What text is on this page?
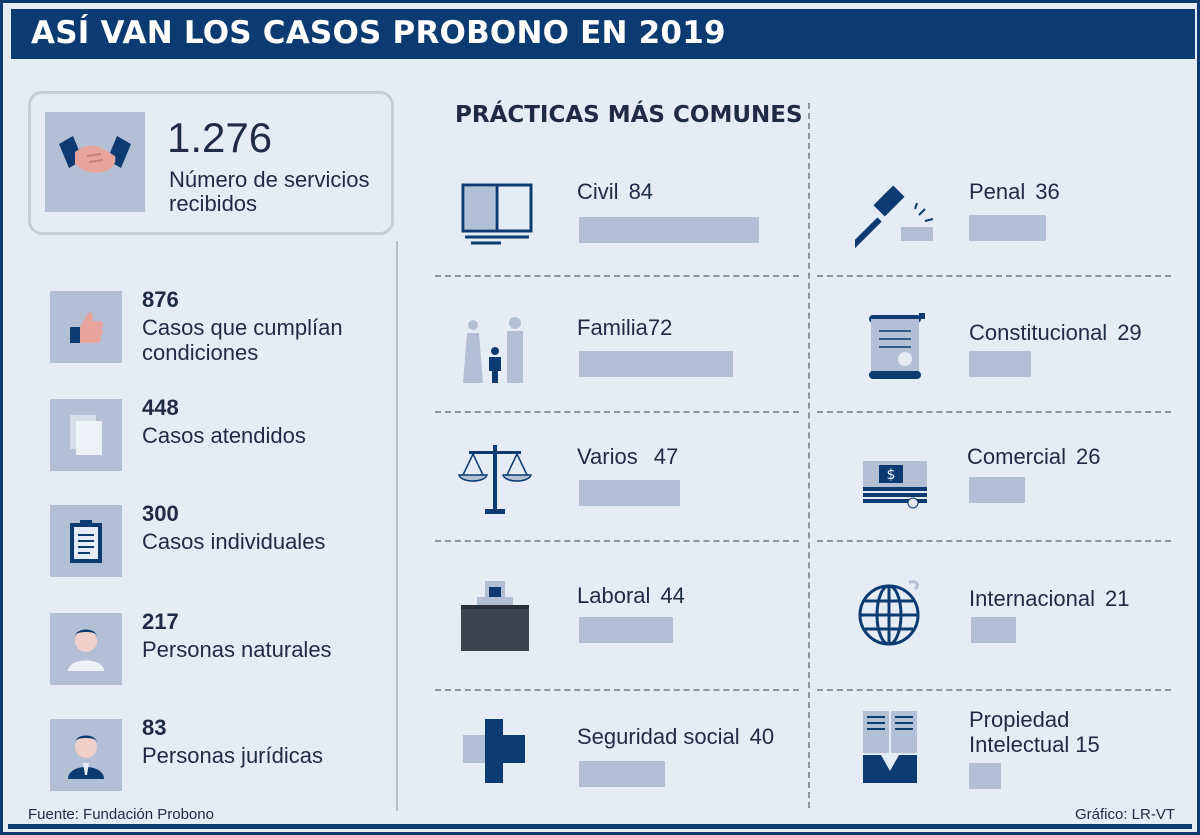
ASÍ VAN LOS CASOS PROBONO EN 2019
1.276
Número de servicios recibidos
876
Casos que cumplían condiciones
448
Casos atendidos
300
Casos individuales
217
Personas naturales
83
Personas jurídicas
PRÁCTICAS MÁS COMUNES
Civil 84
Familia72
Varios 47
Laboral 44
Seguridad social 40
Penal 36
Constitucional 29
$
Comercial 26
Internacional 21
Propiedad Intelectual 15
Fuente: Fundación Probono	Gráfico: LR-VT
